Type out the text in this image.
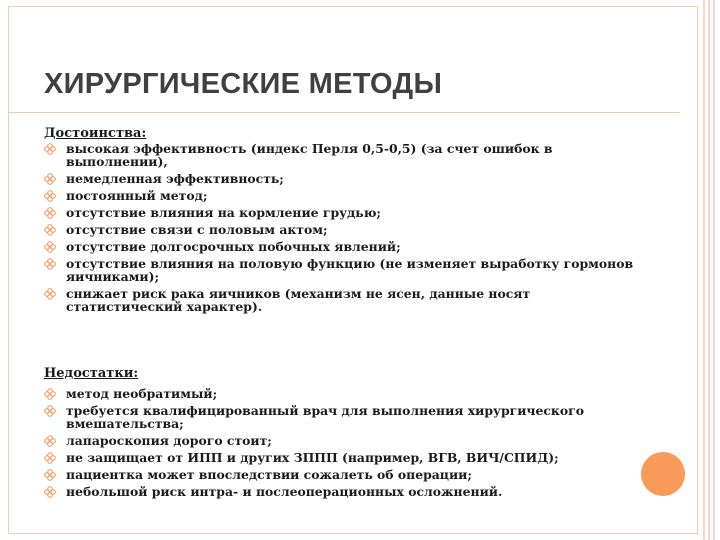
ХИРУРГИЧЕСКИЕ МЕТОДЫ
Достоинства:
высокая эффективность (индекс Перля 0,5-0,5) (за счет ошибок в выполнении),
немедленная эффективность;
постоянный метод;
отсутствие влияния на кормление грудью;
отсутствие связи с половым актом;
отсутствие долгосрочных побочных явлений;
отсутствие влияния на половую функцию (не изменяет выработку гормонов яичниками);
снижает риск рака яичников (механизм не ясен, данные носят статистический характер).
Недостатки:
метод необратимый;
требуется квалифицированный врач для выполнения хирургического вмешательства;
лапароскопия дорого стоит;
не защищает от ИПП и других ЗППП (например, ВГВ, ВИЧ/СПИД);
пациентка может впоследствии сожалеть об операции;
небольшой риск интра- и послеоперационных осложнений.
